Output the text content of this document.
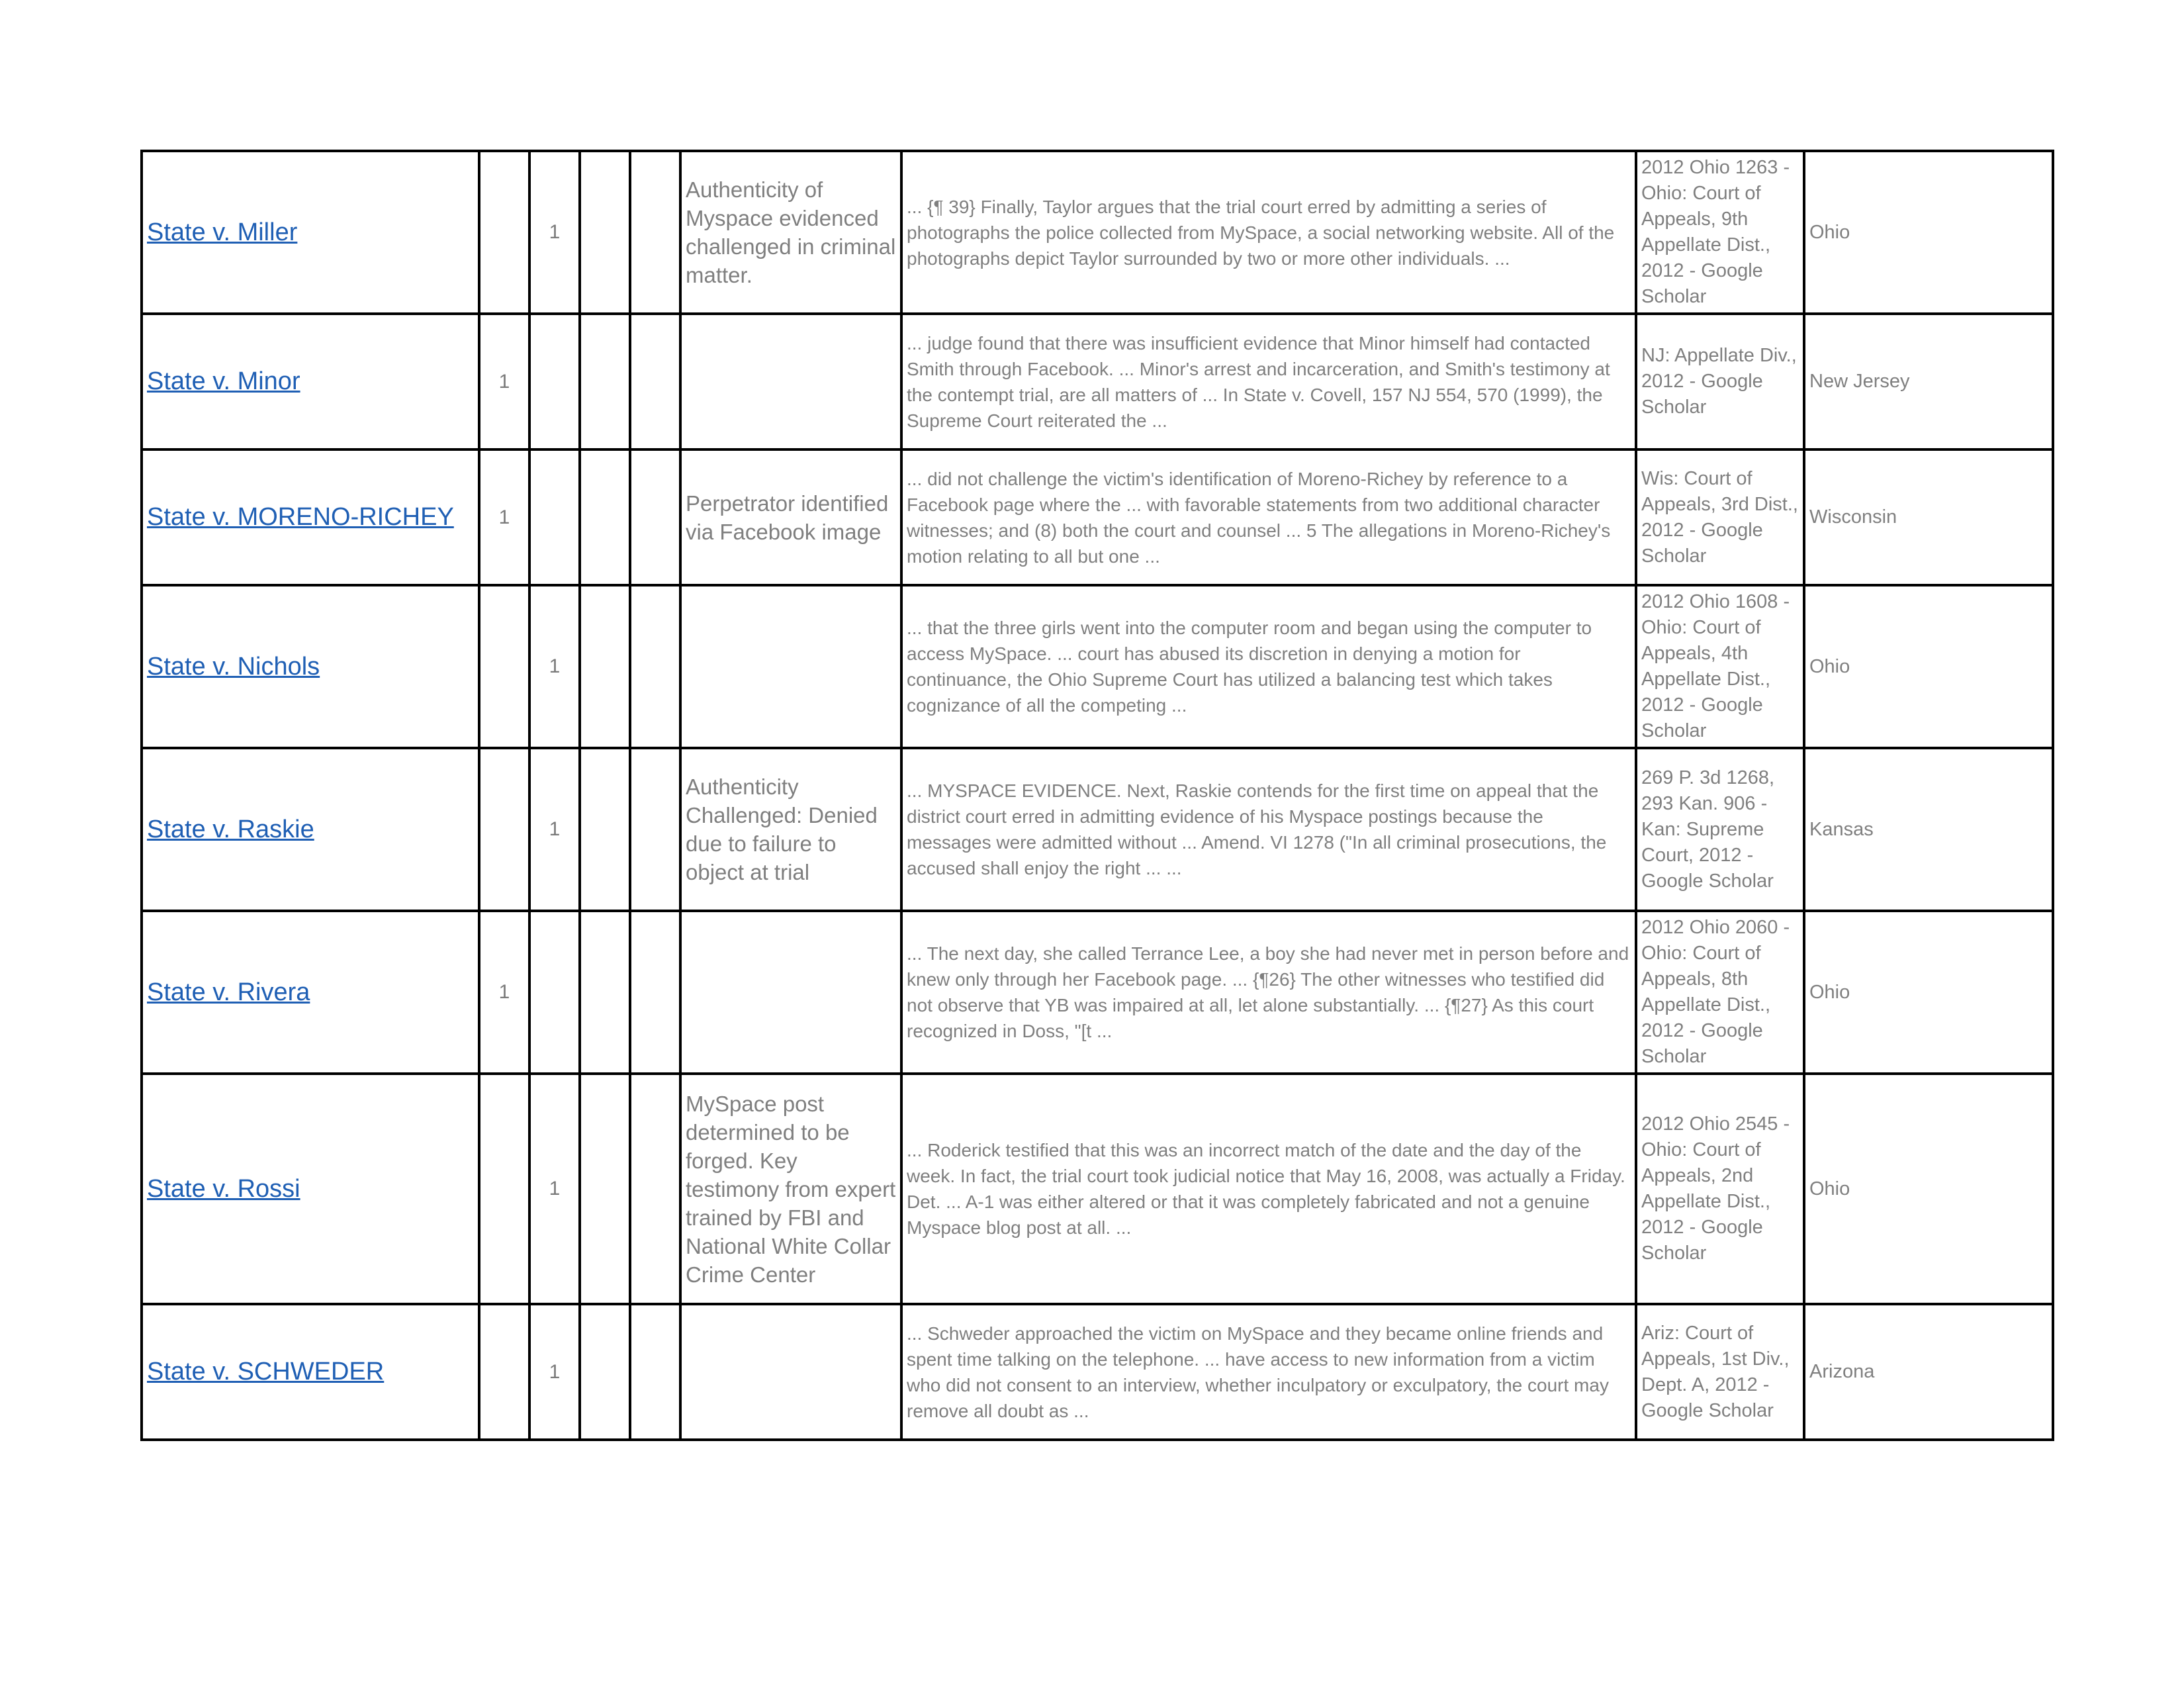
State v. Miller		1			Authenticity of Myspace evidenced challenged in criminal matter.	... {¶ 39} Finally, Taylor argues that the trial court erred by admitting a series of photographs the police collected from MySpace, a social networking website. All of the photographs depict Taylor surrounded by two or more other individuals. ...	2012 Ohio 1263 - Ohio: Court of Appeals, 9th Appellate Dist., 2012 - Google Scholar	Ohio

State v. Minor	1					... judge found that there was insufficient evidence that Minor himself had contacted Smith through Facebook. ... Minor's arrest and incarceration, and Smith's testimony at the contempt trial, are all matters of ... In State v. Covell, 157 NJ 554, 570 (1999), the Supreme Court reiterated the ...	NJ: Appellate Div., 2012 - Google Scholar	New Jersey

State v. MORENO-RICHEY	1				Perpetrator identified via Facebook image	... did not challenge the victim's identification of Moreno-Richey by reference to a Facebook page where the ... with favorable statements from two additional character witnesses; and (8) both the court and counsel ... 5 The allegations in Moreno-Richey's motion relating to all but one ...	Wis: Court of Appeals, 3rd Dist., 2012 - Google Scholar	Wisconsin

State v. Nichols		1				... that the three girls went into the computer room and began using the computer to access MySpace. ... court has abused its discretion in denying a motion for continuance, the Ohio Supreme Court has utilized a balancing test which takes cognizance of all the competing ...	2012 Ohio 1608 - Ohio: Court of Appeals, 4th Appellate Dist., 2012 - Google Scholar	Ohio

State v. Raskie		1			Authenticity Challenged: Denied due to failure to object at trial	... MYSPACE EVIDENCE. Next, Raskie contends for the first time on appeal that the district court erred in admitting evidence of his Myspace postings because the messages were admitted without ... Amend. VI 1278 ("In all criminal prosecutions, the accused shall enjoy the right ... ...	269 P. 3d 1268, 293 Kan. 906 - Kan: Supreme Court, 2012 - Google Scholar	Kansas

State v. Rivera	1					... The next day, she called Terrance Lee, a boy she had never met in person before and knew only through her Facebook page. ... {¶26} The other witnesses who testified did not observe that YB was impaired at all, let alone substantially. ... {¶27} As this court recognized in Doss, "[t ...	2012 Ohio 2060 - Ohio: Court of Appeals, 8th Appellate Dist., 2012 - Google Scholar	Ohio

State v. Rossi		1			MySpace post determined to be forged. Key testimony from expert trained by FBI and National White Collar Crime Center	... Roderick testified that this was an incorrect match of the date and the day of the week. In fact, the trial court took judicial notice that May 16, 2008, was actually a Friday. Det. ... A-1 was either altered or that it was completely fabricated and not a genuine Myspace blog post at all. ...	2012 Ohio 2545 - Ohio: Court of Appeals, 2nd Appellate Dist., 2012 - Google Scholar	Ohio

State v. SCHWEDER		1				... Schweder approached the victim on MySpace and they became online friends and spent time talking on the telephone. ... have access to new information from a victim who did not consent to an interview, whether inculpatory or exculpatory, the court may remove all doubt as ...	Ariz: Court of Appeals, 1st Div., Dept. A, 2012 - Google Scholar	Arizona
